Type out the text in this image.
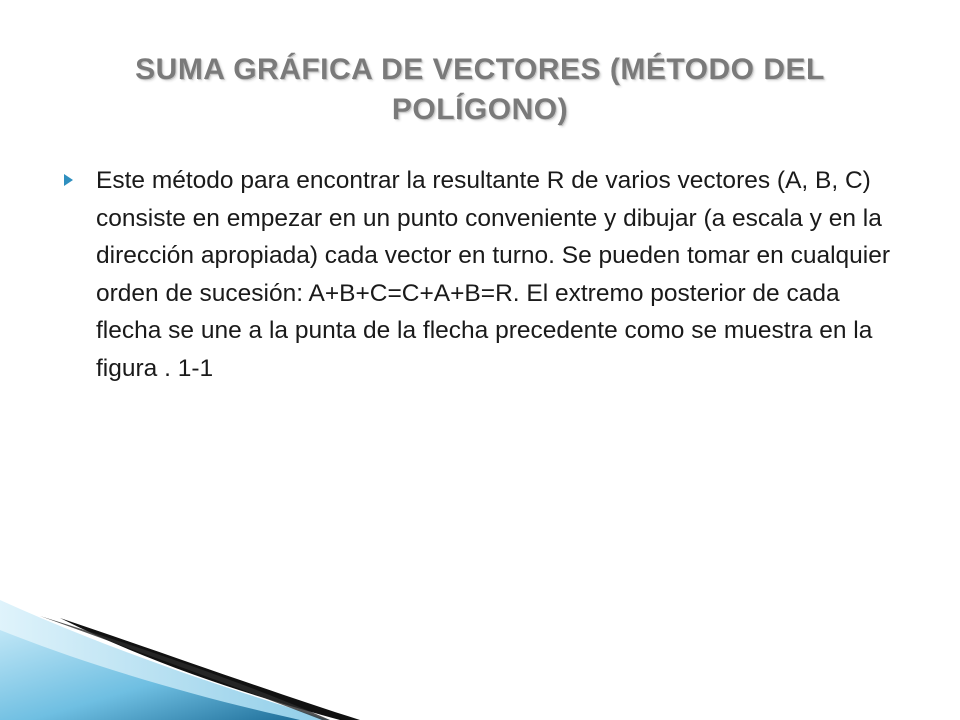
SUMA GRÁFICA DE VECTORES (MÉTODO DEL POLÍGONO)
Este método para encontrar la resultante R de varios vectores (A, B, C) consiste en empezar en un punto conveniente y dibujar (a escala y en la dirección apropiada) cada vector en turno. Se pueden tomar en cualquier orden de sucesión: A+B+C=C+A+B=R. El extremo posterior de cada flecha se une a la punta de la flecha precedente como se muestra en la figura . 1-1
